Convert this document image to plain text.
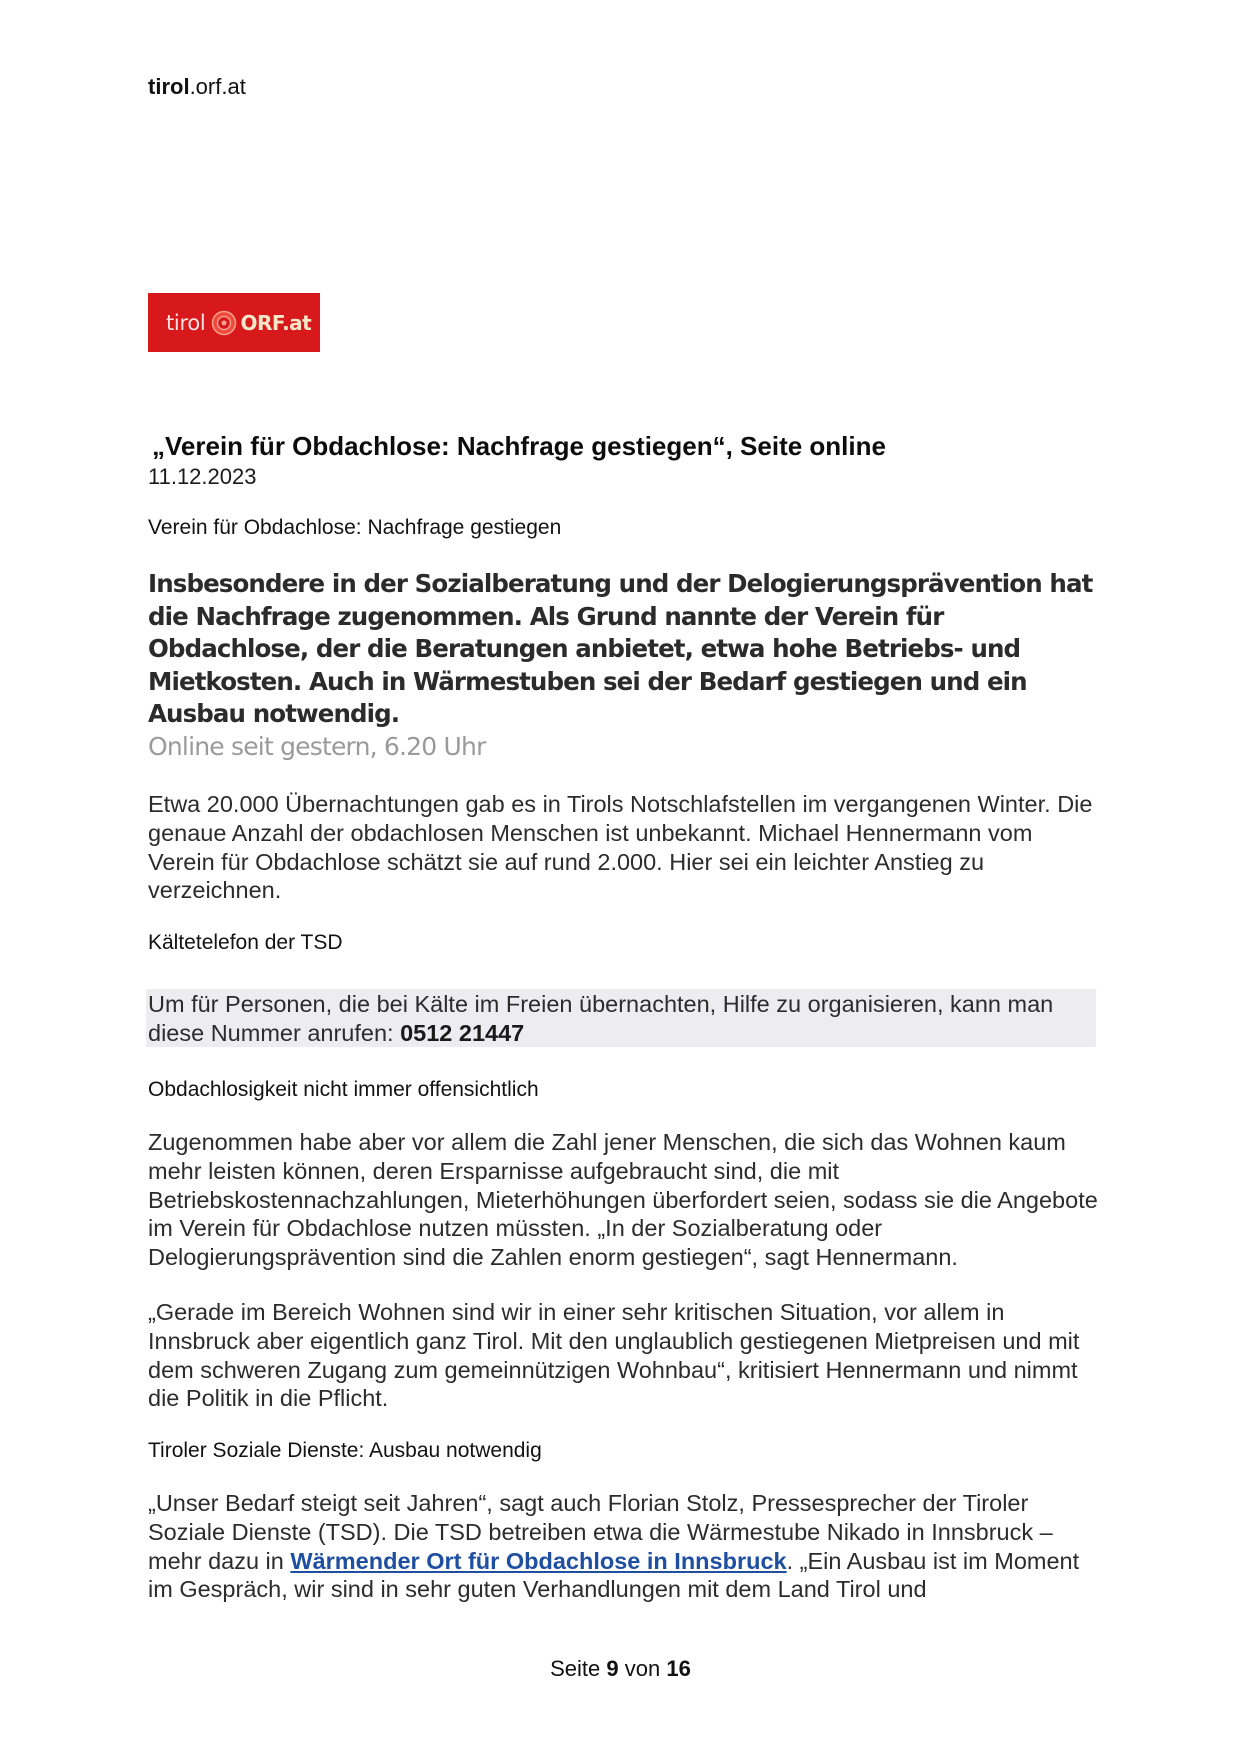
tirol.orf.at
tirol ORF.at
„Verein für Obdachlose: Nachfrage gestiegen“, Seite online
11.12.2023
Verein für Obdachlose: Nachfrage gestiegen
Insbesondere in der Sozialberatung und der Delogierungsprävention hat die Nachfrage zugenommen. Als Grund nannte der Verein für Obdachlose, der die Beratungen anbietet, etwa hohe Betriebs- und Mietkosten. Auch in Wärmestuben sei der Bedarf gestiegen und ein Ausbau notwendig.
Online seit gestern, 6.20 Uhr
Etwa 20.000 Übernachtungen gab es in Tirols Notschlafstellen im vergangenen Winter. Die genaue Anzahl der obdachlosen Menschen ist unbekannt. Michael Hennermann vom Verein für Obdachlose schätzt sie auf rund 2.000. Hier sei ein leichter Anstieg zu verzeichnen.
Kältetelefon der TSD
Um für Personen, die bei Kälte im Freien übernachten, Hilfe zu organisieren, kann man diese Nummer anrufen: 0512 21447
Obdachlosigkeit nicht immer offensichtlich
Zugenommen habe aber vor allem die Zahl jener Menschen, die sich das Wohnen kaum mehr leisten können, deren Ersparnisse aufgebraucht sind, die mit Betriebskostennachzahlungen, Mieterhöhungen überfordert seien, sodass sie die Angebote im Verein für Obdachlose nutzen müssten. „In der Sozialberatung oder Delogierungsprävention sind die Zahlen enorm gestiegen“, sagt Hennermann.
„Gerade im Bereich Wohnen sind wir in einer sehr kritischen Situation, vor allem in Innsbruck aber eigentlich ganz Tirol. Mit den unglaublich gestiegenen Mietpreisen und mit dem schweren Zugang zum gemeinnützigen Wohnbau“, kritisiert Hennermann und nimmt die Politik in die Pflicht.
Tiroler Soziale Dienste: Ausbau notwendig
„Unser Bedarf steigt seit Jahren“, sagt auch Florian Stolz, Pressesprecher der Tiroler Soziale Dienste (TSD). Die TSD betreiben etwa die Wärmestube Nikado in Innsbruck – mehr dazu in Wärmender Ort für Obdachlose in Innsbruck. „Ein Ausbau ist im Moment im Gespräch, wir sind in sehr guten Verhandlungen mit dem Land Tirol und
Seite 9 von 16
